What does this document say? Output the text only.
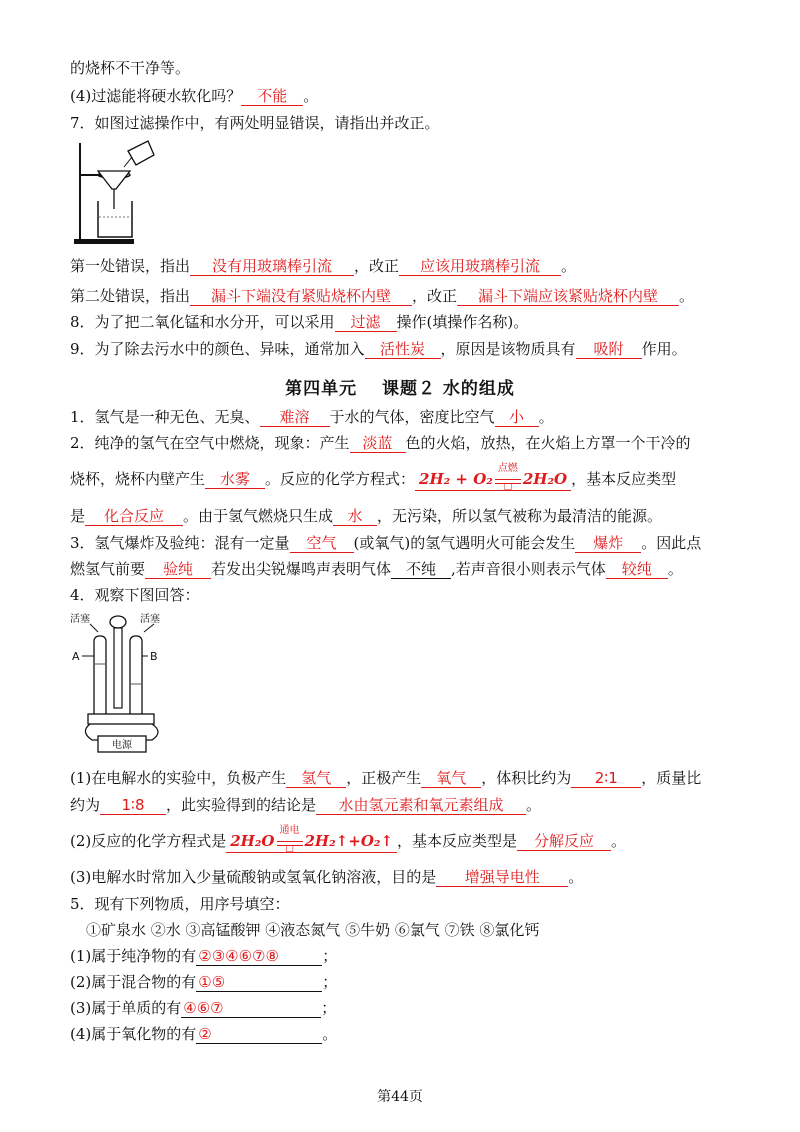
的烧杯不干净等。
(4)过滤能将硬水软化吗？ 不能 。
7．如图过滤操作中，有两处明显错误，请指出并改正。
第一处错误，指出 没有用玻璃棒引流 ，改正 应该用玻璃棒引流 。
第二处错误，指出 漏斗下端没有紧贴烧杯内壁 ，改正 漏斗下端应该紧贴烧杯内壁 。
8．为了把二氧化锰和水分开，可以采用 过滤 操作(填操作名称)。
9．为了除去污水中的颜色、异味，通常加入 活性炭 ，原因是该物质具有 吸附 作用。
第四单元　 课题２ 水的组成
1．氢气是一种无色、无臭、 难溶 于水的气体，密度比空气 小 。
2．纯净的氢气在空气中燃烧，现象：产生 淡蓝 色的火焰，放热，在火焰上方罩一个干冷的
烧杯，烧杯内壁产生 水雾 。反应的化学方程式： 2H₂ + O₂
点燃
□ 2H₂O ，基本反应类型
是 化合反应 。由于氢气燃烧只生成 水 ，无污染，所以氢气被称为最清洁的能源。
3．氢气爆炸及验纯：混有一定量 空气 (或氧气)的氢气遇明火可能会发生 爆炸 。因此点
燃氢气前要 验纯 若发出尖锐爆鸣声表明气体 不纯 ,若声音很小则表示气体 较纯 。
4．观察下图回答：
活塞	活塞
A	B
电源
(1)在电解水的实验中，负极产生 氢气 ，正极产生 氧气 ，体积比约为 2∶1 ，质量比
约为 1∶8 ，此实验得到的结论是 水由氢元素和氧元素组成 。
(2)反应的化学方程式是 2H₂O
通电
□ 2H₂↑+O₂↑ ，基本反应类型是 分解反应 。
(3)电解水时常加入少量硫酸钠或氢氧化钠溶液，目的是 增强导电性 。
5．现有下列物质，用序号填空：
①矿泉水 ②水 ③高锰酸钾 ④液态氮气 ⑤牛奶 ⑥氯气 ⑦铁 ⑧氯化钙
(1)属于纯净物的有 ②③④⑥⑦⑧	；
(2)属于混合物的有 ①⑤	；
(3)属于单质的有 ④⑥⑦	；
(4)属于氧化物的有 ②	。
第44页
